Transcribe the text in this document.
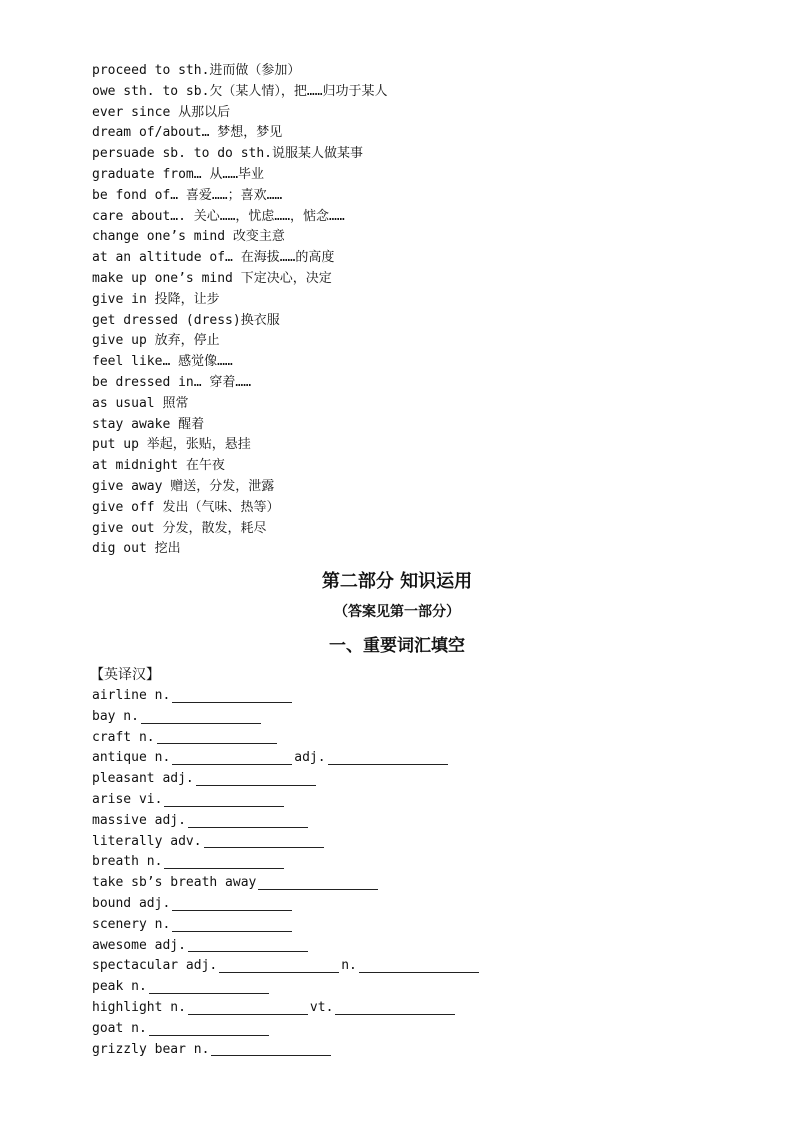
proceed to sth.进而做（参加）
owe sth. to sb.欠（某人情），把……归功于某人
ever since 从那以后
dream of/about… 梦想，梦见
persuade sb. to do sth.说服某人做某事
graduate from… 从……毕业
be fond of… 喜爱……；喜欢……
care about…. 关心……，忧虑……，惦念……
change one’s mind 改变主意
at an altitude of… 在海拔……的高度
make up one’s mind 下定决心，决定
give in 投降，让步
get dressed (dress)换衣服
give up 放弃，停止
feel like… 感觉像……
be dressed in… 穿着……
as usual 照常
stay awake 醒着
put up 举起，张贴，悬挂
at midnight 在午夜
give away 赠送，分发，泄露
give off 发出（气味、热等）
give out 分发，散发，耗尽
dig out 挖出
第二部分 知识运用
（答案见第一部分）
一、重要词汇填空
【英译汉】
airline n.
bay n.
craft n.
antique n.	adj.
pleasant adj.
arise vi.
massive adj.
literally adv.
breath n.
take sb’s breath away
bound adj.
scenery n.
awesome adj.
spectacular adj.	n.
peak n.
highlight n.	vt.
goat n.
grizzly bear n.
